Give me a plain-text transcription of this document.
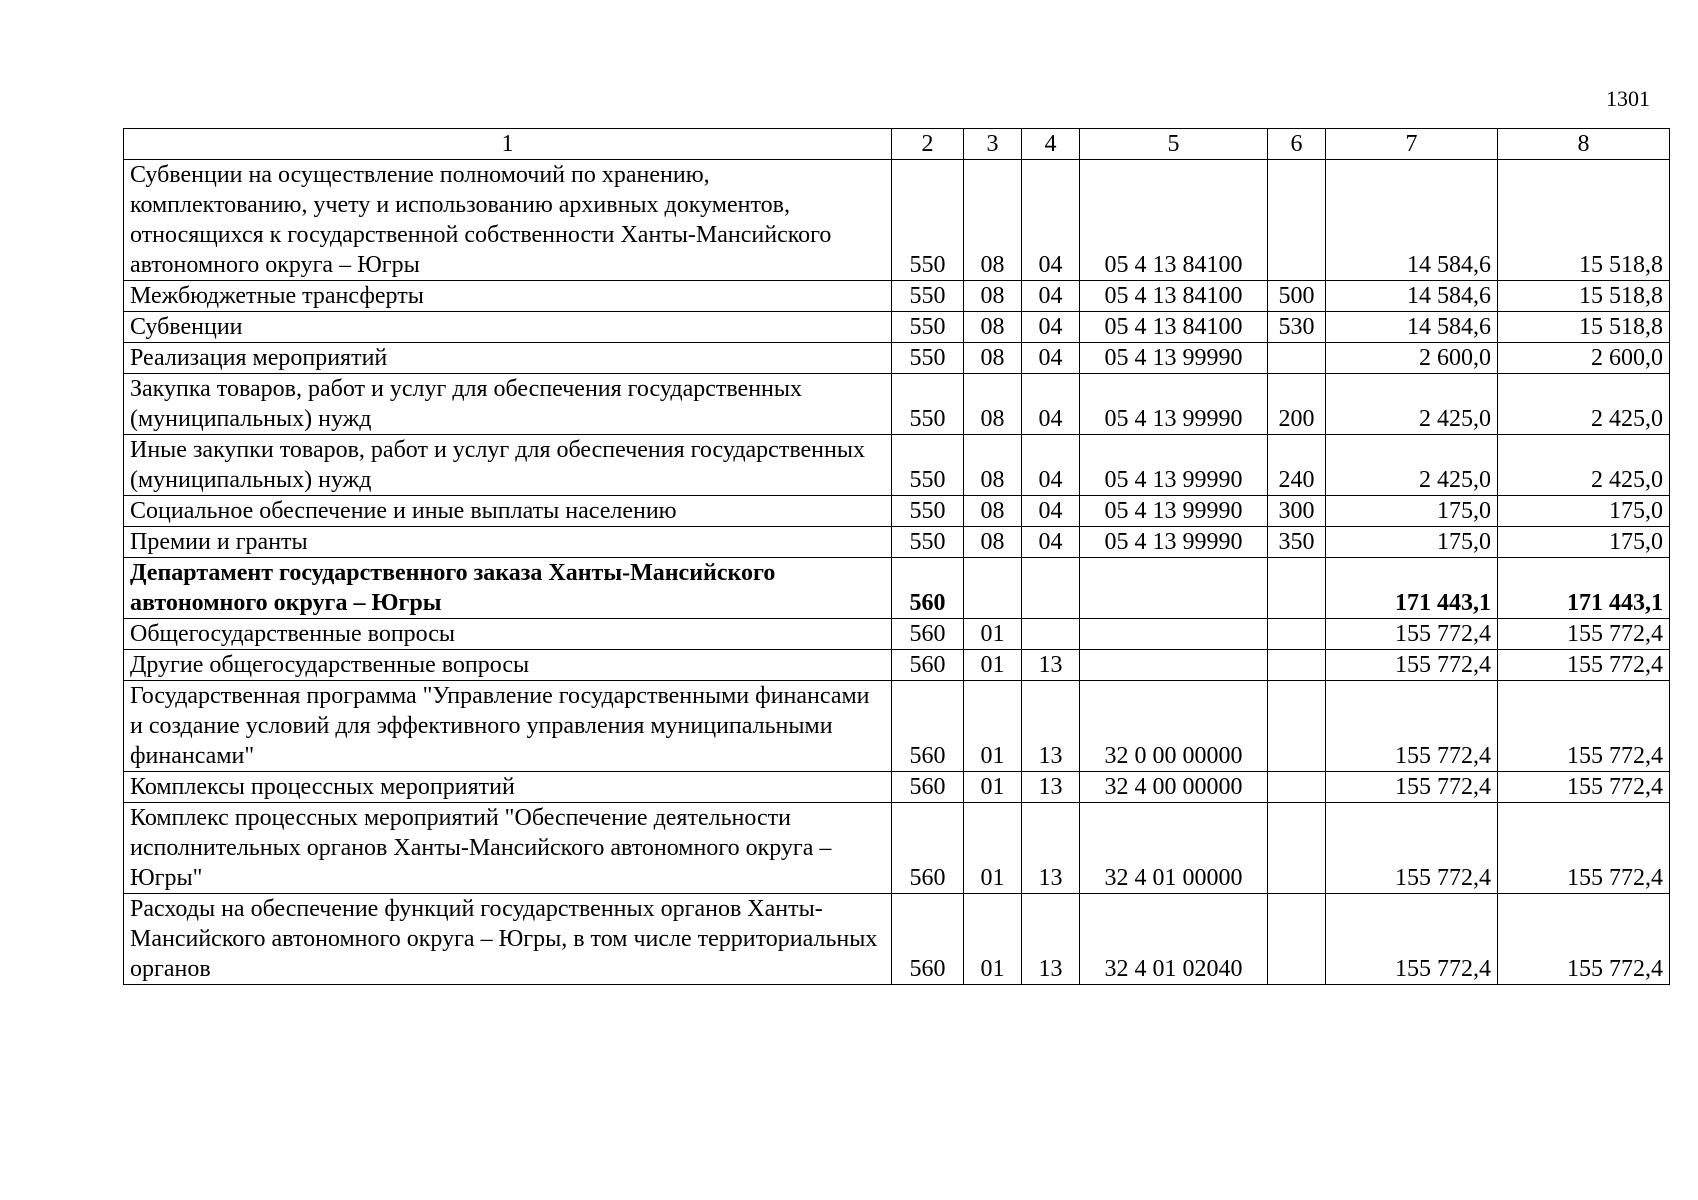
1301
1	2	3	4	5	6	7	8
Субвенции на осуществление полномочий по хранению, комплектованию, учету и использованию архивных документов, относящихся к государственной собственности Ханты-Мансийского автономного округа – Югры	550	08	04	05 4 13 84100		14 584,6	15 518,8
Межбюджетные трансферты	550	08	04	05 4 13 84100	500	14 584,6	15 518,8
Субвенции	550	08	04	05 4 13 84100	530	14 584,6	15 518,8
Реализация мероприятий	550	08	04	05 4 13 99990		2 600,0	2 600,0
Закупка товаров, работ и услуг для обеспечения государственных (муниципальных) нужд	550	08	04	05 4 13 99990	200	2 425,0	2 425,0
Иные закупки товаров, работ и услуг для обеспечения государственных (муниципальных) нужд	550	08	04	05 4 13 99990	240	2 425,0	2 425,0
Социальное обеспечение и иные выплаты населению	550	08	04	05 4 13 99990	300	175,0	175,0
Премии и гранты	550	08	04	05 4 13 99990	350	175,0	175,0
Департамент государственного заказа Ханты-Мансийского автономного округа – Югры	560					171 443,1	171 443,1
Общегосударственные вопросы	560	01				155 772,4	155 772,4
Другие общегосударственные вопросы	560	01	13			155 772,4	155 772,4
Государственная программа "Управление государственными финансами и создание условий для эффективного управления муниципальными финансами"	560	01	13	32 0 00 00000		155 772,4	155 772,4
Комплексы процессных мероприятий	560	01	13	32 4 00 00000		155 772,4	155 772,4
Комплекс процессных мероприятий "Обеспечение деятельности исполнительных органов Ханты-Мансийского автономного округа – Югры"	560	01	13	32 4 01 00000		155 772,4	155 772,4
Расходы на обеспечение функций государственных органов Ханты-Мансийского автономного округа – Югры, в том числе территориальных органов	560	01	13	32 4 01 02040		155 772,4	155 772,4
